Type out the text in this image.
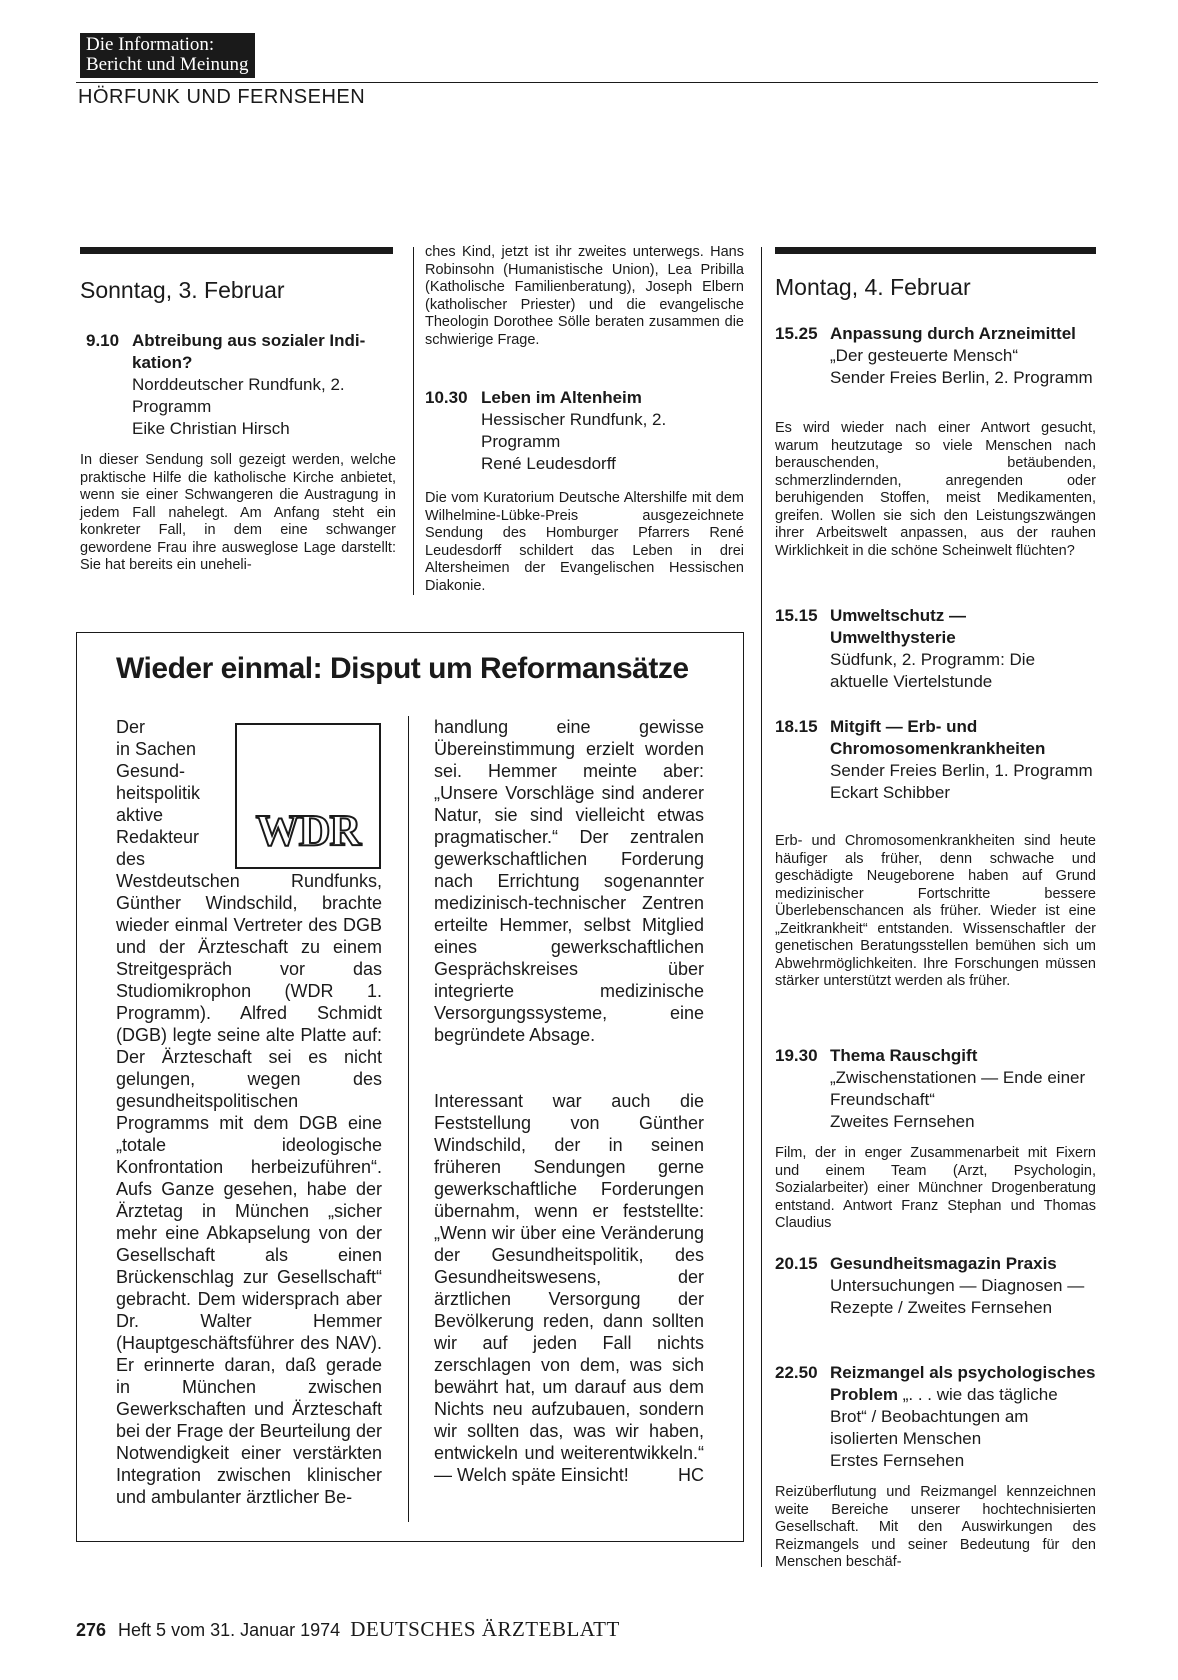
Die Information:
Bericht und Meinung
HÖRFUNK UND FERNSEHEN
Sonntag, 3. Februar
9.10 Abtreibung aus sozialer Indi- kation?
Norddeutscher Rundfunk, 2. Programm
Eike Christian Hirsch
In dieser Sendung soll gezeigt werden, welche praktische Hilfe die katholische Kirche anbietet, wenn sie einer Schwangeren die Austragung in jedem Fall nahelegt. Am Anfang steht ein konkreter Fall, in dem eine schwanger gewordene Frau ihre ausweglose Lage darstellt: Sie hat bereits ein uneheli-
ches Kind, jetzt ist ihr zweites unterwegs. Hans Robinsohn (Humanistische Union), Lea Pribilla (Katholische Familienberatung), Joseph Elbern (katholischer Priester) und die evangelische Theologin Dorothee Sölle beraten zusammen die schwierige Frage.
10.30 Leben im Altenheim
Hessischer Rundfunk, 2. Programm
René Leudesdorff
Die vom Kuratorium Deutsche Altershilfe mit dem Wilhelmine-Lübke-Preis ausgezeichnete Sendung des Homburger Pfarrers René Leudesdorff schildert das Leben in drei Altersheimen der Evangelischen Hessischen Diakonie.
Montag, 4. Februar
15.25 Anpassung durch Arzneimittel „Der gesteuerte Mensch“
Sender Freies Berlin, 2. Programm
Es wird wieder nach einer Antwort gesucht, warum heutzutage so viele Menschen nach berauschenden, betäubenden, schmerzlindernden, anregenden oder beruhigenden Stoffen, meist Medikamenten, greifen. Wollen sie sich den Leistungszwängen ihrer Arbeitswelt anpassen, aus der rauhen Wirklichkeit in die schöne Scheinwelt flüchten?
15.15 Umweltschutz — Umwelthysterie
Südfunk, 2. Programm: Die aktuelle Viertelstunde
18.15 Mitgift — Erb- und Chromosomenkrankheiten
Sender Freies Berlin, 1. Programm
Eckart Schibber
Erb- und Chromosomenkrankheiten sind heute häufiger als früher, denn schwache und geschädigte Neugeborene haben auf Grund medizinischer Fortschritte bessere Überlebenschancen als früher. Wieder ist eine „Zeitkrankheit“ entstanden. Wissenschaftler der genetischen Beratungsstellen bemühen sich um Abwehrmöglichkeiten. Ihre Forschungen müssen stärker unterstützt werden als früher.
19.30 Thema Rauschgift „Zwischenstationen — Ende einer Freundschaft“
Zweites Fernsehen
Film, der in enger Zusammenarbeit mit Fixern und einem Team (Arzt, Psychologin, Sozialarbeiter) einer Münchner Drogenberatung entstand. Antwort Franz Stephan und Thomas Claudius
20.15 Gesundheitsmagazin Praxis
Untersuchungen — Diagnosen — Rezepte / Zweites Fernsehen
22.50 Reizmangel als psychologisches Problem „. . . wie das tägliche Brot“ / Beobachtungen am isolierten Menschen
Erstes Fernsehen
Reizüberflutung und Reizmangel kennzeichnen weite Bereiche unserer hochtechnisierten Gesellschaft. Mit den Auswirkungen des Reizmangels und seiner Bedeutung für den Menschen beschäf-
Wieder einmal: Disput um Reformansätze
WDR
Der
in Sachen
Gesund-
heitspolitik
aktive
Redakteur
des
Westdeutschen Rundfunks, Günther Windschild, brachte wieder einmal Vertreter des DGB und der Ärzteschaft zu einem Streitgespräch vor das Studiomikrophon (WDR 1. Programm). Alfred Schmidt (DGB) legte seine alte Platte auf: Der Ärzteschaft sei es nicht gelungen, wegen des gesundheitspolitischen Programms mit dem DGB eine „totale ideologische Konfrontation herbeizuführen“. Aufs Ganze gesehen, habe der Ärztetag in München „sicher mehr eine Abkapselung von der Gesellschaft als einen Brückenschlag zur Gesellschaft“ gebracht. Dem widersprach aber Dr. Walter Hemmer (Hauptgeschäftsführer des NAV). Er erinnerte daran, daß gerade in München zwischen Gewerkschaften und Ärzteschaft bei der Frage der Beurteilung der Notwendigkeit einer verstärkten Integration zwischen klinischer und ambulanter ärztlicher Be-
handlung eine gewisse Übereinstimmung erzielt worden sei. Hemmer meinte aber: „Unsere Vorschläge sind anderer Natur, sie sind vielleicht etwas pragmatischer.“ Der zentralen gewerkschaftlichen Forderung nach Errichtung sogenannter medizinisch-technischer Zentren erteilte Hemmer, selbst Mitglied eines gewerkschaftlichen Gesprächskreises über integrierte medizinische Versorgungssysteme, eine begründete Absage.
Interessant war auch die Feststellung von Günther Windschild, der in seinen früheren Sendungen gerne gewerkschaftliche Forderungen übernahm, wenn er feststellte: „Wenn wir über eine Veränderung der Gesundheitspolitik, des Gesundheitswesens, der ärztlichen Versorgung der Bevölkerung reden, dann sollten wir auf jeden Fall nichts zerschlagen von dem, was sich bewährt hat, um darauf aus dem Nichts neu aufzubauen, sondern wir sollten das, was wir haben, entwickeln und weiterentwikkeln.“ — Welch späte Einsicht!	HC
276 Heft 5 vom 31. Januar 1974 DEUTSCHES ÄRZTEBLATT
